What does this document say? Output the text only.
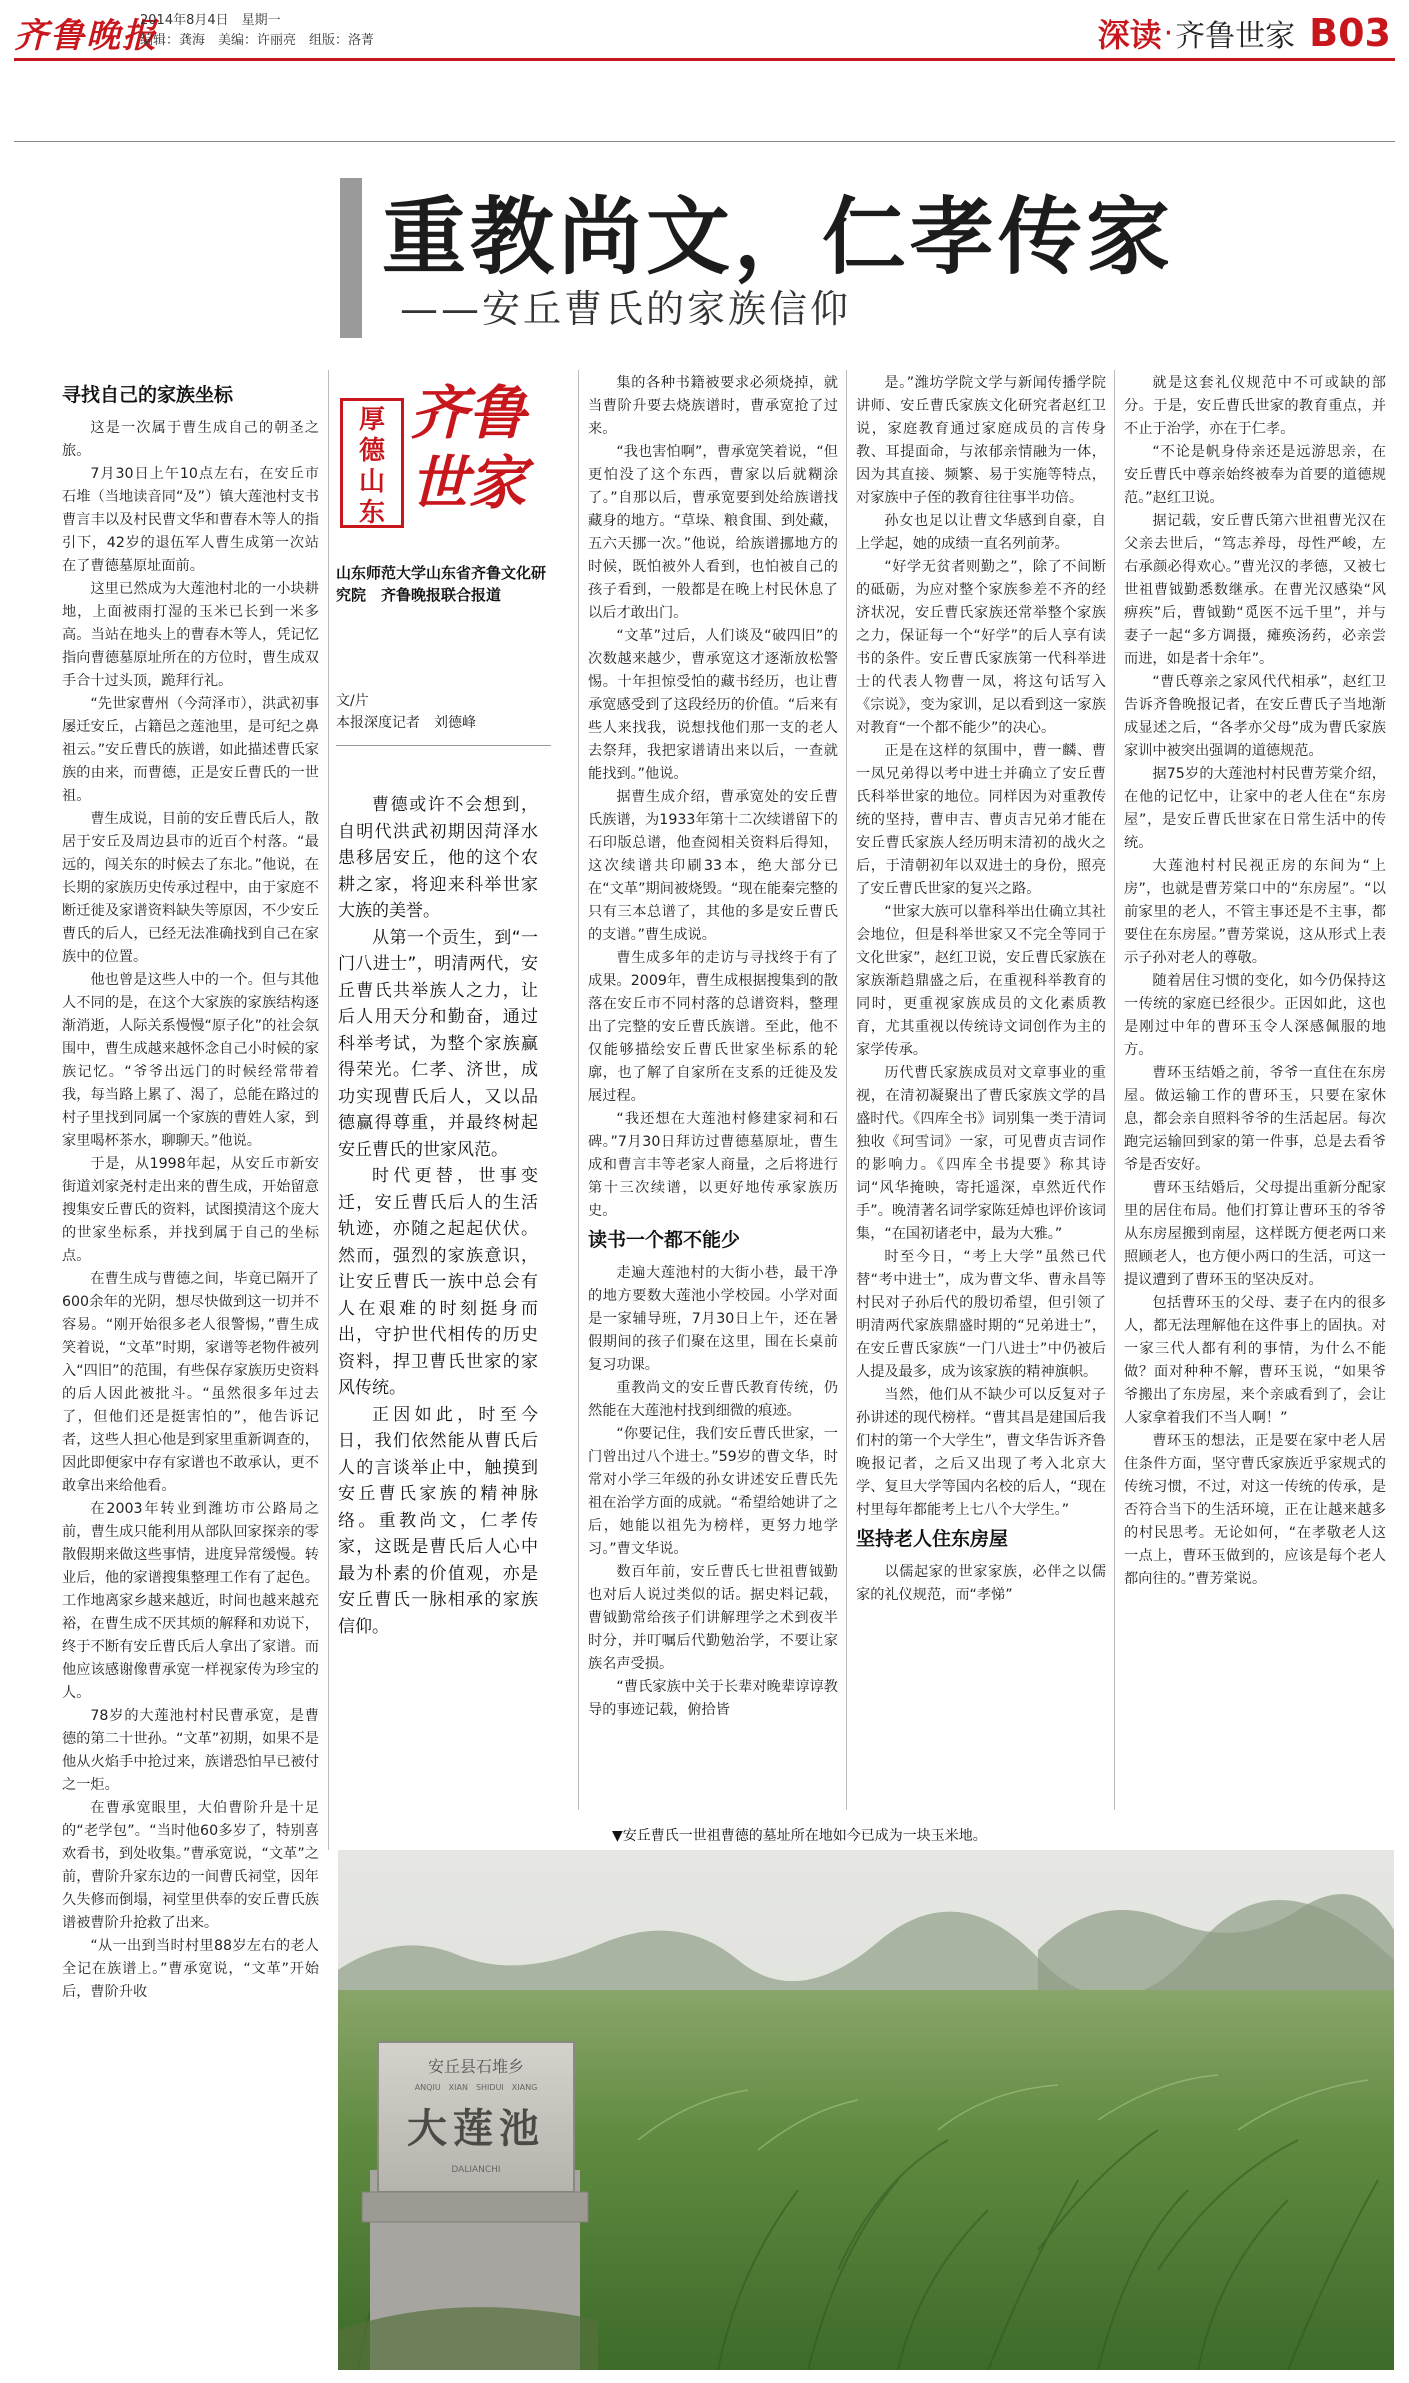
齐鲁晚报
2014年8月4日　星期一
编辑：龚海　美编：许丽亮　组版：洛菁	深读 · 齐鲁世家 B03
重教尚文，仁孝传家
——安丘曹氏的家族信仰
寻找自己的家族坐标

这是一次属于曹生成自己的朝圣之旅。

7月30日上午10点左右，在安丘市石堆（当地读音同“及”）镇大莲池村支书曹言丰以及村民曹文华和曹春木等人的指引下，42岁的退伍军人曹生成第一次站在了曹德墓原址面前。

这里已然成为大莲池村北的一小块耕地，上面被雨打湿的玉米已长到一米多高。当站在地头上的曹春木等人，凭记忆指向曹德墓原址所在的方位时，曹生成双手合十过头顶，跪拜行礼。

“先世家曹州（今菏泽市），洪武初事屡迁安丘，占籍邑之莲池里，是可纪之鼻祖云。”安丘曹氏的族谱，如此描述曹氏家族的由来，而曹德，正是安丘曹氏的一世祖。

曹生成说，目前的安丘曹氏后人，散居于安丘及周边县市的近百个村落。“最远的，闯关东的时候去了东北。”他说，在长期的家族历史传承过程中，由于家庭不断迁徙及家谱资料缺失等原因，不少安丘曹氏的后人，已经无法准确找到自己在家族中的位置。

他也曾是这些人中的一个。但与其他人不同的是，在这个大家族的家族结构逐渐消逝，人际关系慢慢“原子化”的社会氛围中，曹生成越来越怀念自己小时候的家族记忆。“爷爷出远门的时候经常带着我，每当路上累了、渴了，总能在路过的村子里找到同属一个家族的曹姓人家，到家里喝杯茶水，聊聊天。”他说。

于是，从1998年起，从安丘市新安街道刘家尧村走出来的曹生成，开始留意搜集安丘曹氏的资料，试图摸清这个庞大的世家坐标系，并找到属于自己的坐标点。

在曹生成与曹德之间，毕竟已隔开了600余年的光阴，想尽快做到这一切并不容易。“刚开始很多老人很警惕，”曹生成笑着说，“文革”时期，家谱等老物件被列入“四旧”的范围，有些保存家族历史资料的后人因此被批斗。“虽然很多年过去了，但他们还是挺害怕的”，他告诉记者，这些人担心他是到家里重新调查的，因此即便家中存有家谱也不敢承认，更不敢拿出来给他看。

在2003年转业到潍坊市公路局之前，曹生成只能利用从部队回家探亲的零散假期来做这些事情，进度异常缓慢。转业后，他的家谱搜集整理工作有了起色。工作地离家乡越来越近，时间也越来越充裕，在曹生成不厌其烦的解释和劝说下，终于不断有安丘曹氏后人拿出了家谱。而他应该感谢像曹承宽一样视家传为珍宝的人。

78岁的大莲池村村民曹承宽，是曹德的第二十世孙。“文革”初期，如果不是他从火焰手中抢过来，族谱恐怕早已被付之一炬。

在曹承宽眼里，大伯曹阶升是十足的“老学包”。“当时他60多岁了，特别喜欢看书，到处收集。”曹承宽说，“文革”之前，曹阶升家东边的一间曹氏祠堂，因年久失修而倒塌，祠堂里供奉的安丘曹氏族谱被曹阶升抢救了出来。

“从一出到当时村里88岁左右的老人全记在族谱上。”曹承宽说，“文革”开始后，曹阶升收

厚
德
山
东
齐鲁
世家
山东师范大学山东省齐鲁文化研究院　齐鲁晚报联合报道
文/片
本报深度记者　刘德峰

曹德或许不会想到，自明代洪武初期因菏泽水患移居安丘，他的这个农耕之家，将迎来科举世家大族的美誉。

从第一个贡生，到“一门八进士”，明清两代，安丘曹氏共举族人之力，让后人用天分和勤奋，通过科举考试，为整个家族赢得荣光。仁孝、济世，成功实现曹氏后人，又以品德赢得尊重，并最终树起安丘曹氏的世家风范。

时代更替，世事变迁，安丘曹氏后人的生活轨迹，亦随之起起伏伏。然而，强烈的家族意识，让安丘曹氏一族中总会有人在艰难的时刻挺身而出，守护世代相传的历史资料，捍卫曹氏世家的家风传统。

正因如此，时至今日，我们依然能从曹氏后人的言谈举止中，触摸到安丘曹氏家族的精神脉络。重教尚文，仁孝传家，这既是曹氏后人心中最为朴素的价值观，亦是安丘曹氏一脉相承的家族信仰。

集的各种书籍被要求必须烧掉，就当曹阶升要去烧族谱时，曹承宽抢了过来。

“我也害怕啊”，曹承宽笑着说，“但更怕没了这个东西，曹家以后就糊涂了。”自那以后，曹承宽要到处给族谱找藏身的地方。“草垛、粮食围、到处藏，五六天挪一次。”他说，给族谱挪地方的时候，既怕被外人看到，也怕被自己的孩子看到，一般都是在晚上村民休息了以后才敢出门。

“文革”过后，人们谈及“破四旧”的次数越来越少，曹承宽这才逐渐放松警惕。十年担惊受怕的藏书经历，也让曹承宽感受到了这段经历的价值。“后来有些人来找我，说想找他们那一支的老人去祭拜，我把家谱请出来以后，一查就能找到。”他说。

据曹生成介绍，曹承宽处的安丘曹氏族谱，为1933年第十二次续谱留下的石印版总谱，他查阅相关资料后得知，这次续谱共印刷33本，绝大部分已在“文革”期间被烧毁。“现在能秦完整的只有三本总谱了，其他的多是安丘曹氏的支谱。”曹生成说。

曹生成多年的走访与寻找终于有了成果。2009年，曹生成根据搜集到的散落在安丘市不同村落的总谱资料，整理出了完整的安丘曹氏族谱。至此，他不仅能够描绘安丘曹氏世家坐标系的轮廓，也了解了自家所在支系的迁徙及发展过程。

“我还想在大莲池村修建家祠和石碑。”7月30日拜访过曹德墓原址，曹生成和曹言丰等老家人商量，之后将进行第十三次续谱，以更好地传承家族历史。

读书一个都不能少

走遍大莲池村的大街小巷，最干净的地方要数大莲池小学校园。小学对面是一家辅导班，7月30日上午，还在暑假期间的孩子们聚在这里，围在长桌前复习功课。

重教尚文的安丘曹氏教育传统，仍然能在大莲池村找到细微的痕迹。

“你要记住，我们安丘曹氏世家，一门曾出过八个进士。”59岁的曹文华，时常对小学三年级的孙女讲述安丘曹氏先祖在治学方面的成就。“希望给她讲了之后，她能以祖先为榜样，更努力地学习。”曹文华说。

数百年前，安丘曹氏七世祖曹钺勤也对后人说过类似的话。据史料记载，曹钺勤常给孩子们讲解理学之术到夜半时分，并叮嘱后代勤勉治学，不要让家族名声受损。

“曹氏家族中关于长辈对晚辈谆谆教导的事迹记载，俯拾皆

是。”潍坊学院文学与新闻传播学院讲师、安丘曹氏家族文化研究者赵红卫说，家庭教育通过家庭成员的言传身教、耳提面命，与浓郁亲情融为一体，因为其直接、频繁、易于实施等特点，对家族中子侄的教育往往事半功倍。

孙女也足以让曹文华感到自豪，自上学起，她的成绩一直名列前茅。

“好学无贫者则勤之”，除了不间断的砥砺，为应对整个家族参差不齐的经济状况，安丘曹氏家族还常举整个家族之力，保证每一个“好学”的后人享有读书的条件。安丘曹氏家族第一代科举进士的代表人物曹一凤，将这句话写入《宗说》，变为家训，足以看到这一家族对教育“一个都不能少”的决心。

正是在这样的氛围中，曹一麟、曹一凤兄弟得以考中进士并确立了安丘曹氏科举世家的地位。同样因为对重教传统的坚持，曹申吉、曹贞吉兄弟才能在安丘曹氏家族人经历明末清初的战火之后，于清朝初年以双进士的身份，照亮了安丘曹氏世家的复兴之路。

“世家大族可以靠科举出仕确立其社会地位，但是科举世家又不完全等同于文化世家”，赵红卫说，安丘曹氏家族在家族渐趋鼎盛之后，在重视科举教育的同时，更重视家族成员的文化素质教育，尤其重视以传统诗文词创作为主的家学传承。

历代曹氏家族成员对文章事业的重视，在清初凝聚出了曹氏家族文学的昌盛时代。《四库全书》词别集一类于清词独收《珂雪词》一家，可见曹贞吉词作的影响力。《四库全书提要》称其诗词“风华掩映，寄托遥深，卓然近代作手”。晚清著名词学家陈廷焯也评价该词集，“在国初诸老中，最为大雅。”

时至今日，“考上大学”虽然已代替“考中进士”，成为曹文华、曹永昌等村民对子孙后代的殷切希望，但引领了明清两代家族鼎盛时期的“兄弟进士”，在安丘曹氏家族“一门八进士”中仍被后人提及最多，成为该家族的精神旗帜。

当然，他们从不缺少可以反复对子孙讲述的现代榜样。“曹其昌是建国后我们村的第一个大学生”，曹文华告诉齐鲁晚报记者，之后又出现了考入北京大学、复旦大学等国内名校的后人，“现在村里每年都能考上七八个大学生。”

坚持老人住东房屋

以儒起家的世家家族，必伴之以儒家的礼仪规范，而“孝悌”

就是这套礼仪规范中不可或缺的部分。于是，安丘曹氏世家的教育重点，并不止于治学，亦在于仁孝。

“不论是帆身侍亲还是远游思亲，在安丘曹氏中尊亲始终被奉为首要的道德规范。”赵红卫说。

据记载，安丘曹氏第六世祖曹光汉在父亲去世后，“笃志养母，母性严峻，左右承颜必得欢心。”曹光汉的孝德，又被七世祖曹钺勤悉数继承。在曹光汉感染“风痹疾”后，曹钺勤“觅医不远千里”，并与妻子一起“多方调摄，瘫痪汤药，必亲尝而进，如是者十余年”。

“曹氏尊亲之家风代代相承”，赵红卫告诉齐鲁晚报记者，在安丘曹氏子当地渐成显述之后，“各孝亦父母”成为曹氏家族家训中被突出强调的道德规范。

据75岁的大莲池村村民曹芳棠介绍，在他的记忆中，让家中的老人住在“东房屋”，是安丘曹氏世家在日常生活中的传统。

大莲池村村民视正房的东间为“上房”，也就是曹芳棠口中的“东房屋”。“以前家里的老人，不管主事还是不主事，都要住在东房屋。”曹芳棠说，这从形式上表示子孙对老人的尊敬。

随着居住习惯的变化，如今仍保持这一传统的家庭已经很少。正因如此，这也是刚过中年的曹环玉令人深感佩服的地方。

曹环玉结婚之前，爷爷一直住在东房屋。做运输工作的曹环玉，只要在家休息，都会亲自照料爷爷的生活起居。每次跑完运输回到家的第一件事，总是去看爷爷是否安好。

曹环玉结婚后，父母提出重新分配家里的居住布局。他们打算让曹环玉的爷爷从东房屋搬到南屋，这样既方便老两口来照顾老人，也方便小两口的生活，可这一提议遭到了曹环玉的坚决反对。

包括曹环玉的父母、妻子在内的很多人，都无法理解他在这件事上的固执。对一家三代人都有利的事情，为什么不能做？面对种种不解，曹环玉说，“如果爷爷搬出了东房屋，来个亲戚看到了，会让人家拿着我们不当人啊！”

曹环玉的想法，正是要在家中老人居住条件方面，坚守曹氏家族近乎家规式的传统习惯，不过，对这一传统的传承，是否符合当下的生活环境，正在让越来越多的村民思考。无论如何，“在孝敬老人这一点上，曹环玉做到的，应该是每个老人都向往的。”曹芳棠说。

▼安丘曹氏一世祖曹德的墓址所在地如今已成为一块玉米地。
安丘县石堆乡
ANQIU　XIAN　SHIDUI　XIANG
大莲池
DALIANCHI
